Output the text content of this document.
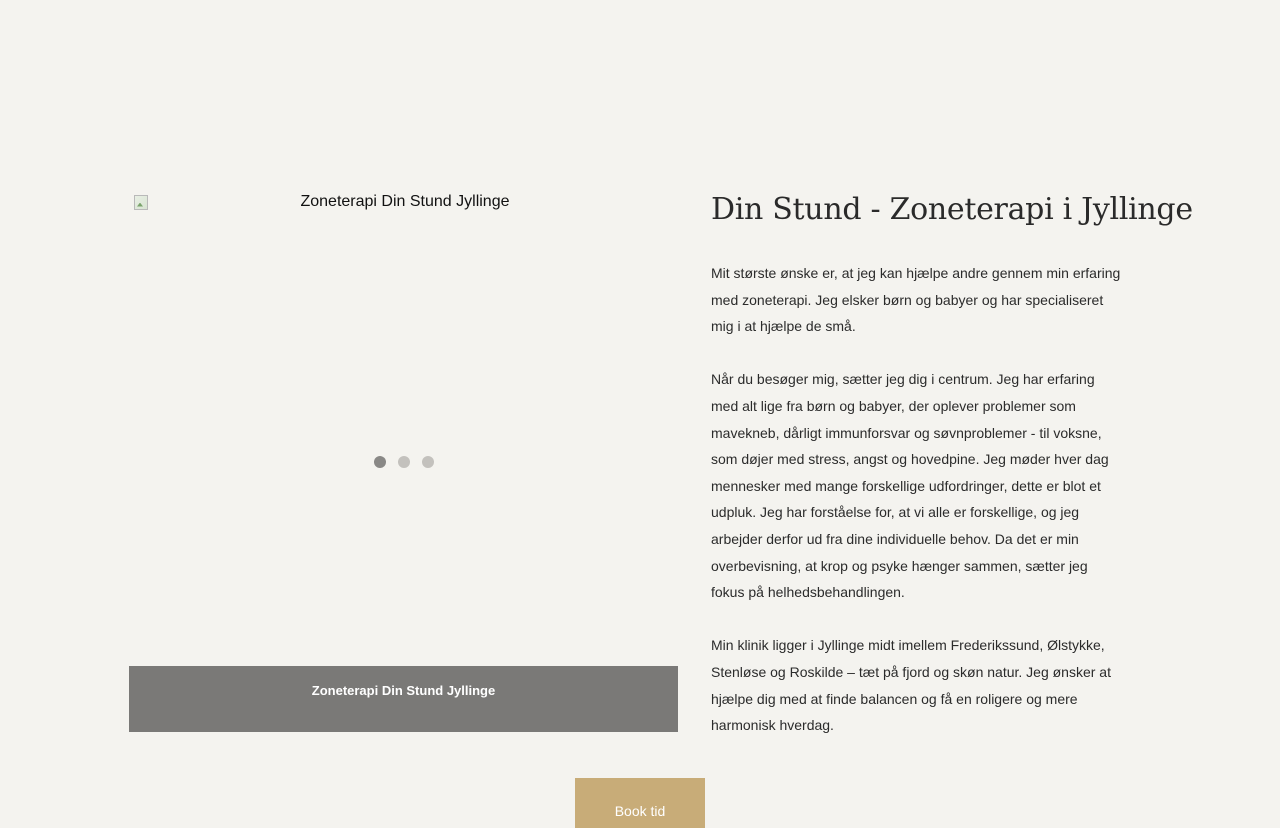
Zoneterapi Din Stund Jyllinge
Zoneterapi Din Stund Jyllinge
Din Stund - Zoneterapi i Jyllinge

Mit største ønske er, at jeg kan hjælpe andre gennem min erfaring med zoneterapi. Jeg elsker børn og babyer og har specialiseret mig i at hjælpe de små.

Når du besøger mig, sætter jeg dig i centrum. Jeg har erfaring med alt lige fra børn og babyer, der oplever problemer som mavekneb, dårligt immunforsvar og søvnproblemer - til voksne, som døjer med stress, angst og hovedpine. Jeg møder hver dag mennesker med mange forskellige udfordringer, dette er blot et udpluk. Jeg har forståelse for, at vi alle er forskellige, og jeg arbejder derfor ud fra dine individuelle behov. Da det er min overbevisning, at krop og psyke hænger sammen, sætter jeg fokus på helhedsbehandlingen.

Min klinik ligger i Jyllinge midt imellem Frederikssund, Ølstykke, Stenløse og Roskilde – tæt på fjord og skøn natur. Jeg ønsker at hjælpe dig med at finde balancen og få en roligere og mere harmonisk hverdag.

Book tid
